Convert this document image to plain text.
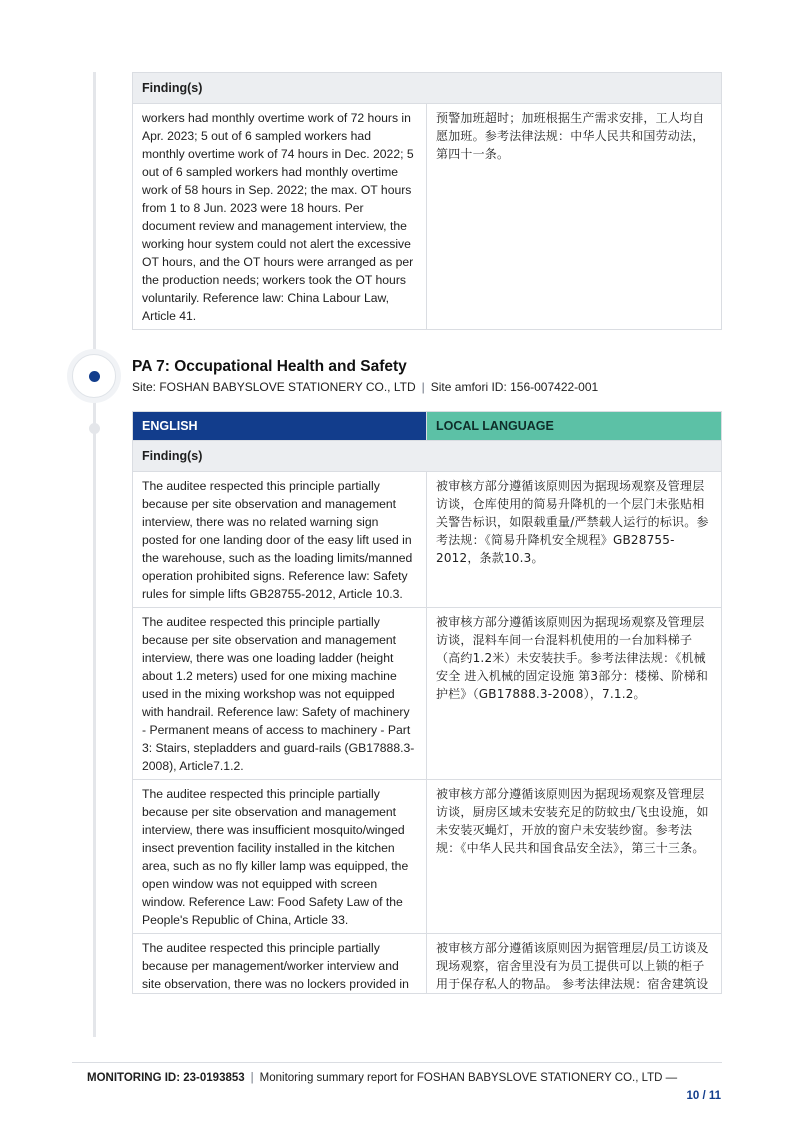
Finding(s)
workers had monthly overtime work of 72 hours in Apr. 2023; 5 out of 6 sampled workers had monthly overtime work of 74 hours in Dec. 2022; 5 out of 6 sampled workers had monthly overtime work of 58 hours in Sep. 2022; the max. OT hours from 1 to 8 Jun. 2023 were 18 hours. Per document review and management interview, the working hour system could not alert the excessive OT hours, and the OT hours were arranged as per the production needs; workers took the OT hours voluntarily. Reference law: China Labour Law, Article 41.	预警加班超时；加班根据生产需求安排，工人均自愿加班。参考法律法规：中华人民共和国劳动法，第四十一条。
PA 7: Occupational Health and Safety
Site: FOSHAN BABYSLOVE STATIONERY CO., LTD | Site amfori ID: 156-007422-001
ENGLISH	LOCAL LANGUAGE
Finding(s)	
The auditee respected this principle partially because per site observation and management interview, there was no related warning sign posted for one landing door of the easy lift used in the warehouse, such as the loading limits/manned operation prohibited signs. Reference law: Safety rules for simple lifts GB28755-2012, Article 10.3.	被审核方部分遵循该原则因为据现场观察及管理层访谈，仓库使用的简易升降机的一个层门未张贴相关警告标识，如限载重量/严禁载人运行的标识。参考法规：《简易升降机安全规程》GB28755-2012，条款10.3。
The auditee respected this principle partially because per site observation and management interview, there was one loading ladder (height about 1.2 meters) used for one mixing machine used in the mixing workshop was not equipped with handrail. Reference law: Safety of machinery - Permanent means of access to machinery - Part 3: Stairs, stepladders and guard-rails (GB17888.3-2008), Article7.1.2.	被审核方部分遵循该原则因为据现场观察及管理层访谈，混料车间一台混料机使用的一台加料梯子（高约1.2米）未安装扶手。参考法律法规：《机械安全 进入机械的固定设施 第3部分：楼梯、阶梯和护栏》（GB17888.3-2008），7.1.2。
The auditee respected this principle partially because per site observation and management interview, there was insufficient mosquito/winged insect prevention facility installed in the kitchen area, such as no fly killer lamp was equipped, the open window was not equipped with screen window. Reference Law: Food Safety Law of the People's Republic of China, Article 33.	被审核方部分遵循该原则因为据现场观察及管理层访谈，厨房区域未安装充足的防蚊虫/飞虫设施，如未安装灭蝇灯，开放的窗户未安装纱窗。参考法规：《中华人民共和国食品安全法》，第三十三条。
The auditee respected this principle partially because per management/worker interview and site observation, there was no lockers provided in	被审核方部分遵循该原则因为据管理层/员工访谈及现场观察，宿舍里没有为员工提供可以上锁的柜子用于保存私人的物品。 参考法律法规：宿舍建筑设
MONITORING ID: 23-0193853 | Monitoring summary report for FOSHAN BABYSLOVE STATIONERY CO., LTD —
10 / 11
